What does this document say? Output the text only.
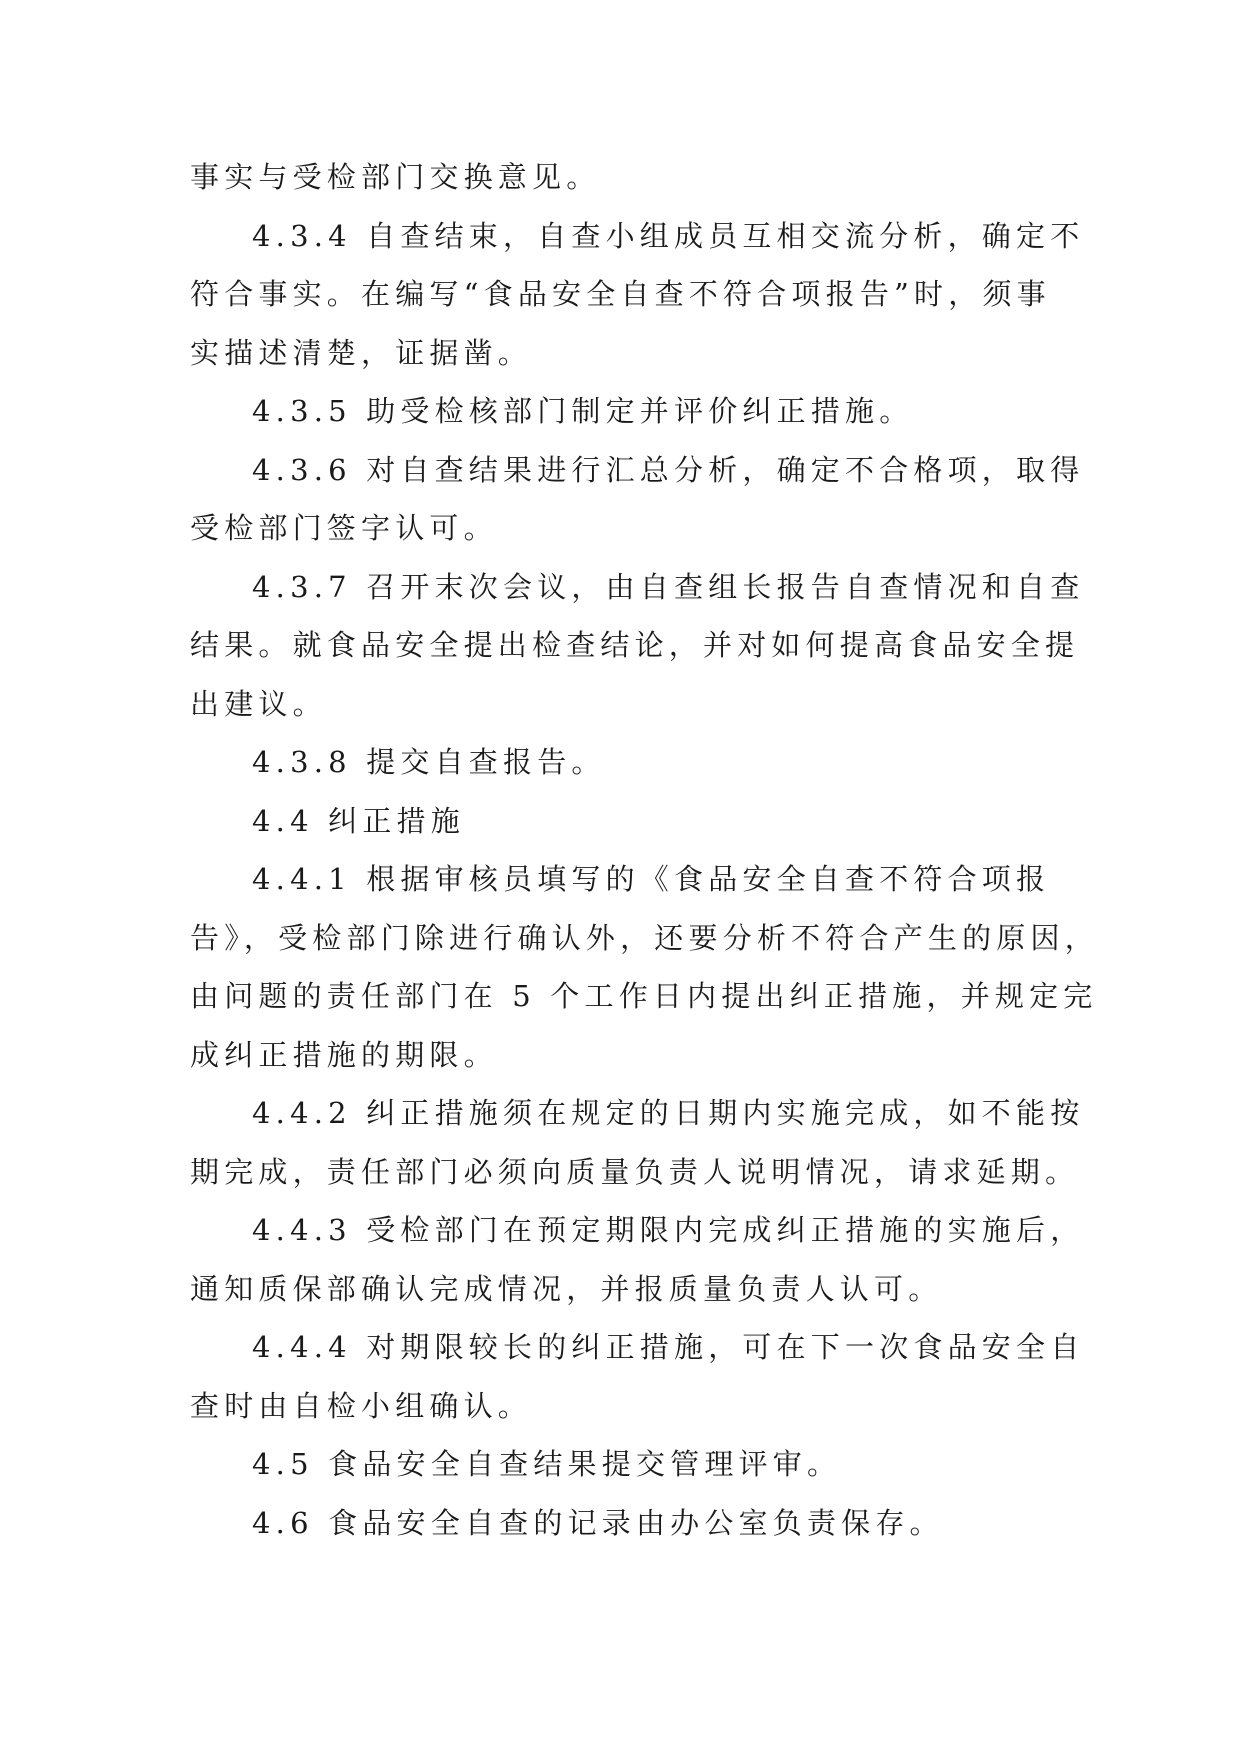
事实与受检部门交换意见。
4.3.4 自查结束，自查小组成员互相交流分析，确定不
符合事实。在编写“食品安全自查不符合项报告”时，须事
实描述清楚，证据凿。
4.3.5 助受检核部门制定并评价纠正措施。
4.3.6 对自查结果进行汇总分析，确定不合格项，取得
受检部门签字认可。
4.3.7 召开末次会议，由自查组长报告自查情况和自查
结果。就食品安全提出检查结论，并对如何提高食品安全提
出建议。
4.3.8 提交自查报告。
4.4 纠正措施
4.4.1 根据审核员填写的《食品安全自查不符合项报
告》，受检部门除进行确认外，还要分析不符合产生的原因，
由问题的责任部门在 5 个工作日内提出纠正措施，并规定完
成纠正措施的期限。
4.4.2 纠正措施须在规定的日期内实施完成，如不能按
期完成，责任部门必须向质量负责人说明情况，请求延期。
4.4.3 受检部门在预定期限内完成纠正措施的实施后，
通知质保部确认完成情况，并报质量负责人认可。
4.4.4 对期限较长的纠正措施，可在下一次食品安全自
查时由自检小组确认。
4.5 食品安全自查结果提交管理评审。
4.6 食品安全自查的记录由办公室负责保存。
